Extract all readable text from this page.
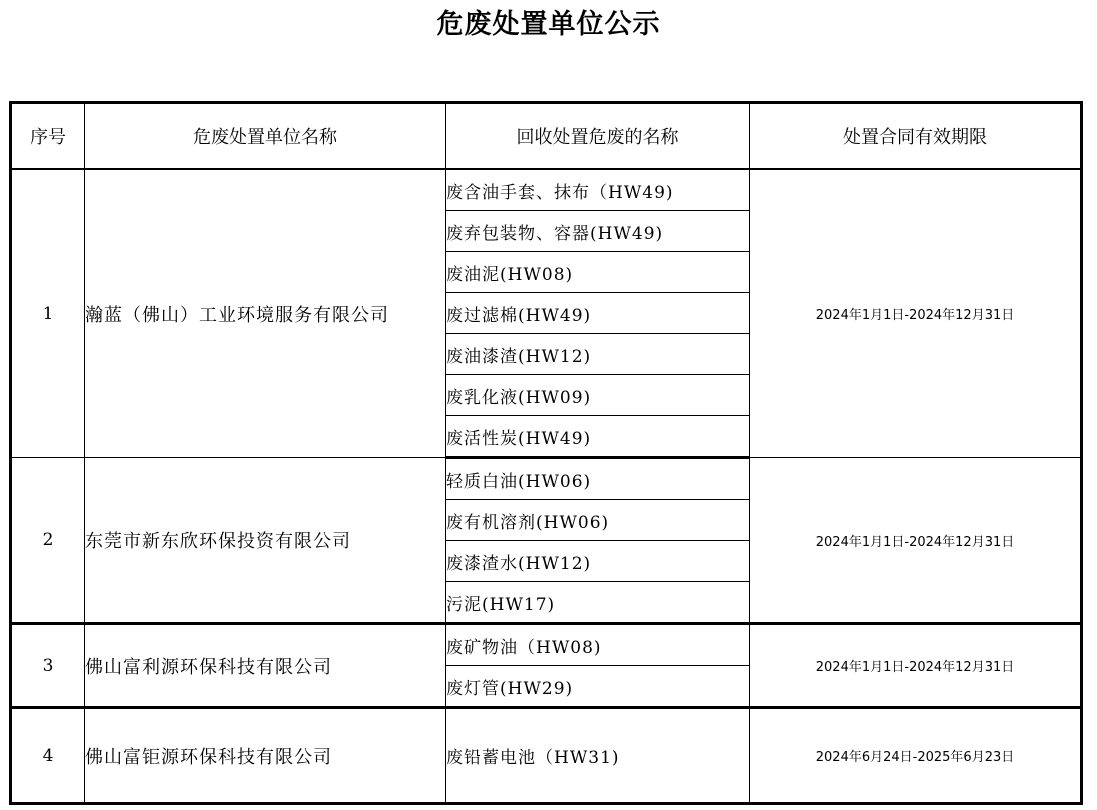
危废处置单位公示
序号	危废处置单位名称	回收处置危废的名称	处置合同有效期限
1	瀚蓝（佛山）工业环境服务有限公司	废含油手套、抹布（HW49)	2024年1月1日-2024年12月31日
		废弃包装物、容器(HW49)	
		废油泥(HW08)	
		废过滤棉(HW49)	
		废油漆渣(HW12)	
		废乳化液(HW09)	
		废活性炭(HW49)	
2	东莞市新东欣环保投资有限公司	轻质白油(HW06)	2024年1月1日-2024年12月31日
		废有机溶剂(HW06)	
		废漆渣水(HW12)	
		污泥(HW17)	
3	佛山富利源环保科技有限公司	废矿物油（HW08)	2024年1月1日-2024年12月31日
		废灯管(HW29)	
4	佛山富钜源环保科技有限公司	废铅蓄电池（HW31)	2024年6月24日-2025年6月23日
